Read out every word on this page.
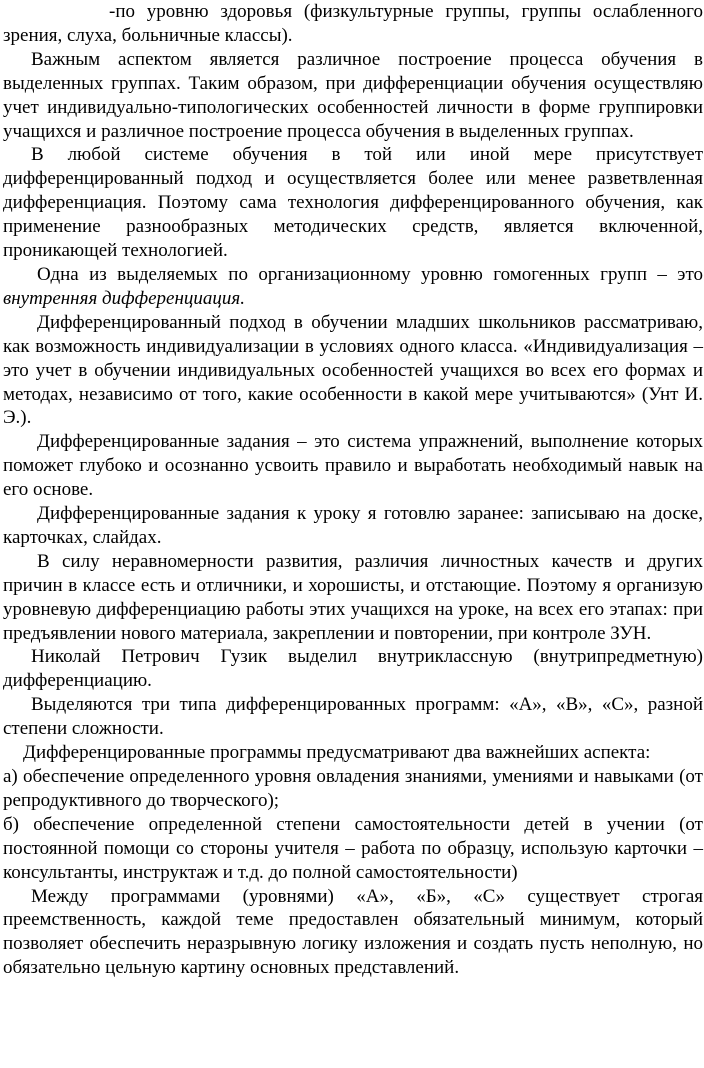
-по уровню здоровья (физкультурные группы, группы ослабленного зрения, слуха, больничные классы).

Важным аспектом является различное построение процесса обучения в выделенных группах. Таким образом, при дифференциации обучения осуществляю учет индивидуально-типологических особенностей личности в форме группировки учащихся и различное построение процесса обучения в выделенных группах.

В любой системе обучения в той или иной мере присутствует дифференцированный подход и осуществляется более или менее разветвленная дифференциация. Поэтому сама технология дифференцированного обучения, как применение разнообразных методических средств, является включенной, проникающей технологией.

Одна из выделяемых по организационному уровню гомогенных групп – это внутренняя дифференциация.

Дифференцированный подход в обучении младших школьников рассматриваю, как возможность индивидуализации в условиях одного класса. «Индивидуализация – это учет в обучении индивидуальных особенностей учащихся во всех его формах и методах, независимо от того, какие особенности в какой мере учитываются» (Унт И. Э.).

Дифференцированные задания – это система упражнений, выполнение которых поможет глубоко и осознанно усвоить правило и выработать необходимый навык на его основе.

Дифференцированные задания к уроку я готовлю заранее: записываю на доске, карточках, слайдах.

В силу неравномерности развития, различия личностных качеств и других причин в классе есть и отличники, и хорошисты, и отстающие. Поэтому я организую уровневую дифференциацию работы этих учащихся на уроке, на всех его этапах: при предъявлении нового материала, закреплении и повторении, при контроле ЗУН.

Николай Петрович Гузик выделил внутриклассную (внутрипредметную) дифференциацию.

Выделяются три типа дифференцированных программ: «А», «В», «С», разной степени сложности.

Дифференцированные программы предусматривают два важнейших аспекта:

а) обеспечение определенного уровня овладения знаниями, умениями и навыками (от репродуктивного до творческого);

б) обеспечение определенной степени самостоятельности детей в учении (от постоянной помощи со стороны учителя – работа по образцу, использую карточки – консультанты, инструктаж и т.д. до полной самостоятельности)

Между программами (уровнями) «А», «Б», «С» существует строгая преемственность, каждой теме предоставлен обязательный минимум, который позволяет обеспечить неразрывную логику изложения и создать пусть неполную, но обязательно цельную картину основных представлений.
